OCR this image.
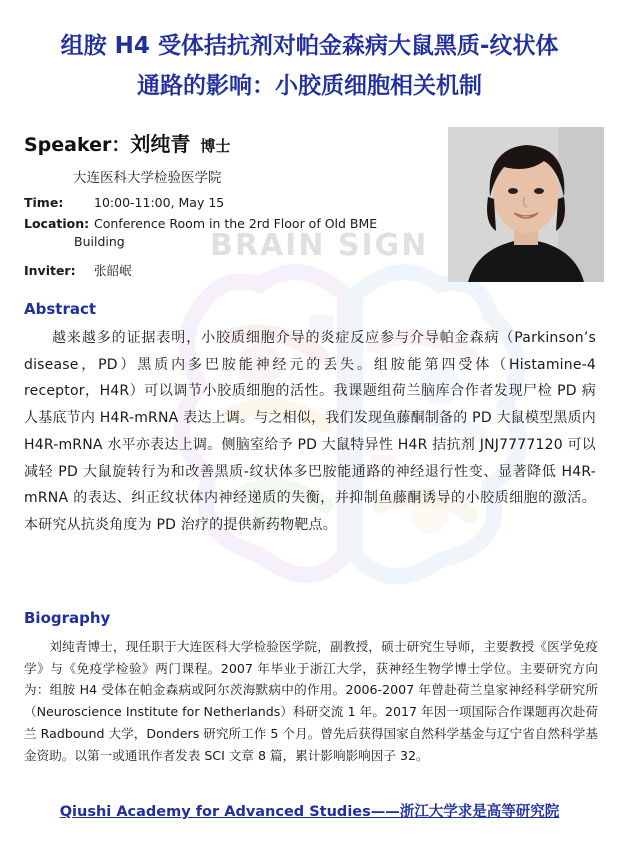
BRAIN SIGN
组胺 H4 受体拮抗剂对帕金森病大鼠黑质-纹状体
通路的影响：小胶质细胞相关机制
Speaker：刘纯青 博士
大连医科大学检验医学院
Time: 10:00-11:00, May 15
Location: Conference Room in the 2rd Floor of Old BME
Building
Inviter: 张韶岷
Abstract
越来越多的证据表明，小胶质细胞介导的炎症反应参与介导帕金森病（Parkinson’s disease，PD）黑质内多巴胺能神经元的丢失。组胺能第四受体（Histamine-4 receptor，H4R）可以调节小胶质细胞的活性。我课题组荷兰脑库合作者发现尸检 PD 病人基底节内 H4R-mRNA 表达上调。与之相似，我们发现鱼藤酮制备的 PD 大鼠模型黑质内 H4R-mRNA 水平亦表达上调。侧脑室给予 PD 大鼠特异性 H4R 拮抗剂 JNJ7777120 可以减轻 PD 大鼠旋转行为和改善黑质-纹状体多巴胺能通路的神经退行性变、显著降低 H4R-mRNA 的表达、纠正纹状体内神经递质的失衡，并抑制鱼藤酮诱导的小胶质细胞的激活。本研究从抗炎角度为 PD 治疗的提供新药物靶点。
Biography
刘纯青博士，现任职于大连医科大学检验医学院，副教授，硕士研究生导师，主要教授《医学免疫学》与《免疫学检验》两门课程。2007 年毕业于浙江大学，获神经生物学博士学位。主要研究方向为：组胺 H4 受体在帕金森病或阿尔茨海默病中的作用。2006-2007 年曾赴荷兰皇家神经科学研究所（Neuroscience Institute for Netherlands）科研交流 1 年。2017 年因一项国际合作课题再次赴荷兰 Radbound 大学，Donders 研究所工作 5 个月。曾先后获得国家自然科学基金与辽宁省自然科学基金资助。以第一或通讯作者发表 SCI 文章 8 篇，累计影响影响因子 32。
Qiushi Academy for Advanced Studies——浙江大学求是高等研究院
